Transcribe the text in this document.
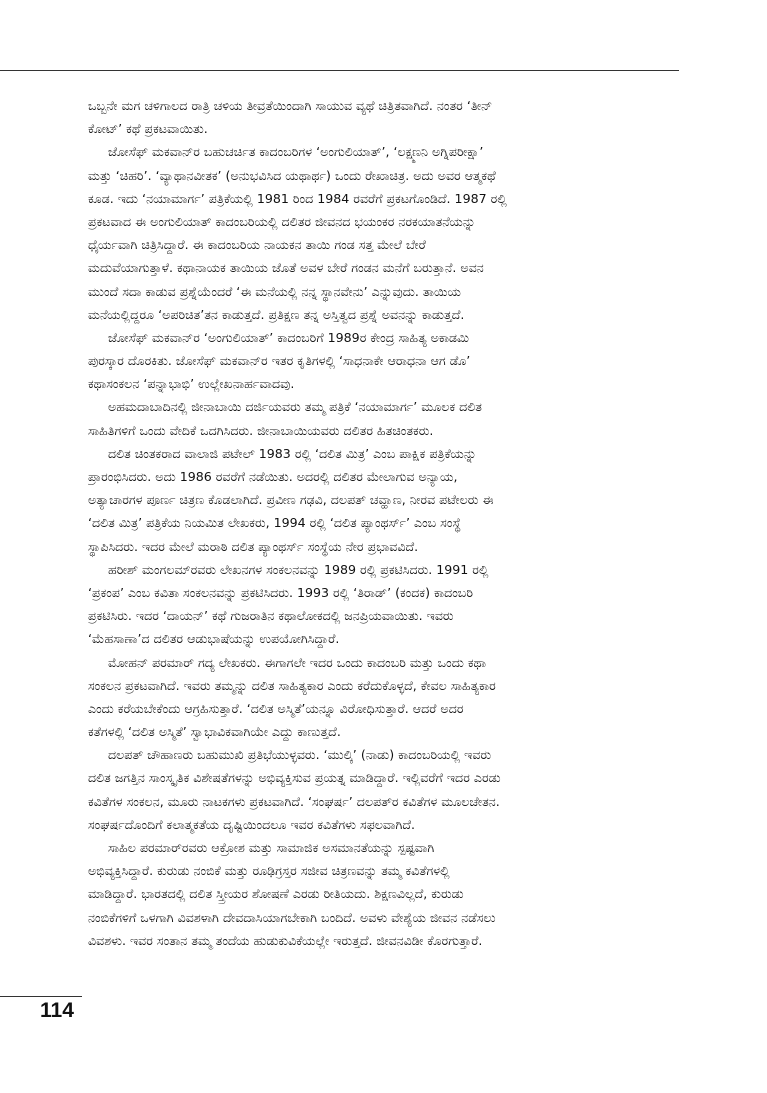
ಒಬ್ಬನೇ ಮಗ ಚಳಿಗಾಲದ ರಾತ್ರಿ ಚಳಿಯ ತೀವ್ರತೆಯಿಂದಾಗಿ ಸಾಯುವ ವ್ಯಥೆ ಚಿತ್ರಿತವಾಗಿದೆ. ನಂತರ ‘ತೀನ್
ಕೋಟ್’ ಕಥೆ ಪ್ರಕಟವಾಯಿತು.
ಜೋಸೆಫ್ ಮಕವಾನ್‌ರ ಬಹುಚರ್ಚಿತ ಕಾದಂಬರಿಗಳ ‘ಅಂಗುಲಿಯಾತ್’, ‘ಲಕ್ಷ್ಮಣನಿ ಅಗ್ನಿಪರೀಕ್ಷಾ’
ಮತ್ತು ‘ಚಿಹರಿ’. ‘ವ್ಯಾಥಾನವೀತಕ’ (ಅನುಭವಿಸಿದ ಯಥಾರ್ಥ) ಒಂದು ರೇಖಾಚಿತ್ರ. ಅದು ಅವರ ಆತ್ಮಕಥೆ
ಕೂಡ. ಇದು ‘ನಯಾಮಾರ್ಗ’ ಪತ್ರಿಕೆಯಲ್ಲಿ 1981 ರಿಂದ 1984 ರವರೆಗೆ ಪ್ರಕಟಗೊಂಡಿದೆ. 1987 ರಲ್ಲಿ
ಪ್ರಕಟವಾದ ಈ ಅಂಗುಲಿಯಾತ್ ಕಾದಂಬರಿಯಲ್ಲಿ ದಲಿತರ ಜೀವನದ ಭಯಂಕರ ನರಕಯಾತನೆಯನ್ನು
ಧೈರ್ಯವಾಗಿ ಚಿತ್ರಿಸಿದ್ದಾರೆ. ಈ ಕಾದಂಬರಿಯ ನಾಯಕನ ತಾಯಿ ಗಂಡ ಸತ್ತ ಮೇಲೆ ಬೇರೆ
ಮದುವೆಯಾಗುತ್ತಾಳೆ. ಕಥಾನಾಯಕ ತಾಯಿಯ ಜೊತೆ ಅವಳ ಬೇರೆ ಗಂಡನ ಮನೆಗೆ ಬರುತ್ತಾನೆ. ಅವನ
ಮುಂದೆ ಸದಾ ಕಾಡುವ ಪ್ರಶ್ನೆಯೆಂದರೆ ‘ಈ ಮನೆಯಲ್ಲಿ ನನ್ನ ಸ್ಥಾನವೇನು’ ಎನ್ನುವುದು. ತಾಯಿಯ
ಮನೆಯಲ್ಲಿದ್ದರೂ ‘ಅಪರಿಚಿತ’ತನ ಕಾಡುತ್ತದೆ. ಪ್ರತಿಕ್ಷಣ ತನ್ನ ಅಸ್ತಿತ್ವದ ಪ್ರಶ್ನೆ ಅವನನ್ನು ಕಾಡುತ್ತದೆ.
ಜೋಸೆಫ್ ಮಕವಾನ್‌ರ ‘ಅಂಗುಲಿಯಾತ್’ ಕಾದಂಬರಿಗೆ 1989ರ ಕೇಂದ್ರ ಸಾಹಿತ್ಯ ಅಕಾಡಮಿ
ಪುರಸ್ಕಾರ ದೊರಕಿತು. ಜೋಸೆಫ್ ಮಕವಾನ್‌ರ ಇತರ ಕೃತಿಗಳಲ್ಲಿ ‘ಸಾಧನಾಕೇ ಆರಾಧನಾ ಆಗ ಡೊ’
ಕಥಾಸಂಕಲನ ‘ಪನ್ನಾಭಾಭಿ’ ಉಲ್ಲೇಖನಾರ್ಹವಾದವು.
ಅಹಮದಾಬಾದಿನಲ್ಲಿ ಜೀನಾಬಾಯಿ ದರ್ಜಿಯವರು ತಮ್ಮ ಪತ್ರಿಕೆ ‘ನಯಾಮಾರ್ಗ’ ಮೂಲಕ ದಲಿತ
ಸಾಹಿತಿಗಳಿಗೆ ಒಂದು ವೇದಿಕೆ ಒದಗಿಸಿದರು. ಜೀನಾಬಾಯಿಯವರು ದಲಿತರ ಹಿತಚಿಂತಕರು.
ದಲಿತ ಚಿಂತಕರಾದ ವಾಲಾಜಿ ಪಟೇಲ್ 1983 ರಲ್ಲಿ ‘ದಲಿತ ಮಿತ್ರ’ ಎಂಬ ಪಾಕ್ಷಿಕ ಪತ್ರಿಕೆಯನ್ನು
ಪ್ರಾರಂಭಿಸಿದರು. ಅದು 1986 ರವರೆಗೆ ನಡೆಯಿತು. ಅದರಲ್ಲಿ ದಲಿತರ ಮೇಲಾಗುವ ಅನ್ಯಾಯ,
ಅತ್ಯಾಚಾರಗಳ ಪೂರ್ಣ ಚಿತ್ರಣ ಕೊಡಲಾಗಿದೆ. ಪ್ರವೀಣ ಗಢವಿ, ದಲಪತ್ ಚವ್ಹಾಣ, ನೀರವ ಪಟೇಲರು ಈ
‘ದಲಿತ ಮಿತ್ರ’ ಪತ್ರಿಕೆಯ ನಿಯಮಿತ ಲೇಖಕರು, 1994 ರಲ್ಲಿ ‘ದಲಿತ ಪ್ಯಾಂಥರ್ಸ್’ ಎಂಬ ಸಂಸ್ಥೆ
ಸ್ಥಾಪಿಸಿದರು. ಇದರ ಮೇಲೆ ಮರಾಠಿ ದಲಿತ ಪ್ಯಾಂಥರ್ಸ್ ಸಂಸ್ಥೆಯ ನೇರ ಪ್ರಭಾವವಿದೆ.
ಹರೀಶ್ ಮಂಗಲಮ್‌ರವರು ಲೇಖನಗಳ ಸಂಕಲನವನ್ನು 1989 ರಲ್ಲಿ ಪ್ರಕಟಿಸಿದರು. 1991 ರಲ್ಲಿ
‘ಪ್ರಕಂಪ’ ಎಂಬ ಕವಿತಾ ಸಂಕಲನವನ್ನು ಪ್ರಕಟಿಸಿದರು. 1993 ರಲ್ಲಿ ‘ತಿರಾಡ್’ (ಕಂದಕ) ಕಾದಂಬರಿ
ಪ್ರಕಟಿಸಿರು. ಇದರ ‘ದಾಯನ್’ ಕಥೆ ಗುಜರಾತಿನ ಕಥಾಲೋಕದಲ್ಲಿ ಜನಪ್ರಿಯವಾಯಿತು. ಇವರು
‘ಮೆಹಸಾಣಾ’ದ ದಲಿತರ ಆಡುಭಾಷೆಯನ್ನು ಉಪಯೋಗಿಸಿದ್ದಾರೆ.
ಮೋಹನ್ ಪರಮಾರ್ ಗದ್ಯ ಲೇಖಕರು. ಈಗಾಗಲೇ ಇದರ ಒಂದು ಕಾದಂಬರಿ ಮತ್ತು ಒಂದು ಕಥಾ
ಸಂಕಲನ ಪ್ರಕಟವಾಗಿದೆ. ಇವರು ತಮ್ಮನ್ನು ದಲಿತ ಸಾಹಿತ್ಯಕಾರ ಎಂದು ಕರೆದುಕೊಳ್ಳದೆ, ಕೇವಲ ಸಾಹಿತ್ಯಕಾರ
ಎಂದು ಕರೆಯಬೇಕೆಂದು ಆಗ್ರಹಿಸುತ್ತಾರೆ. ‘ದಲಿತ ಅಸ್ಮಿತೆ’ಯನ್ನೂ ವಿರೋಧಿಸುತ್ತಾರೆ. ಆದರೆ ಅದರ
ಕತೆಗಳಲ್ಲಿ ‘ದಲಿತ ಅಸ್ಮಿತೆ’ ಸ್ವಾಭಾವಿಕವಾಗಿಯೇ ಎದ್ದು ಕಾಣುತ್ತದೆ.
ದಲಪತ್ ಚೌಹಾಣರು ಬಹುಮುಖಿ ಪ್ರತಿಭೆಯುಳ್ಳವರು. ‘ಮುಲ್ಕಿ’ (ನಾಡು) ಕಾದಂಬರಿಯಲ್ಲಿ ಇವರು
ದಲಿತ ಜಗತ್ತಿನ ಸಾಂಸ್ಕೃತಿಕ ವಿಶೇಷತೆಗಳನ್ನು ಅಭಿವ್ಯಕ್ತಿಸುವ ಪ್ರಯತ್ನ ಮಾಡಿದ್ದಾರೆ. ಇಲ್ಲಿವರೆಗೆ ಇದರ ಎರಡು
ಕವಿತೆಗಳ ಸಂಕಲನ, ಮೂರು ನಾಟಕಗಳು ಪ್ರಕಟವಾಗಿದೆ. ‘ಸಂಘರ್ಷ’ ದಲಪತ್‌ರ ಕವಿತೆಗಳ ಮೂಲಚೇತನ.
ಸಂಘರ್ಷದೊಂದಿಗೆ ಕಲಾತ್ಮಕತೆಯ ದೃಷ್ಟಿಯಿಂದಲೂ ಇವರ ಕವಿತೆಗಳು ಸಫಲವಾಗಿದೆ.
ಸಾಹಿಲ ಪರಮಾರ್‌ರವರು ಆಕ್ರೋಶ ಮತ್ತು ಸಾಮಾಜಿಕ ಅಸಮಾನತೆಯನ್ನು ಸ್ಪಷ್ಟವಾಗಿ
ಅಭಿವ್ಯಕ್ತಿಸಿದ್ದಾರೆ. ಕುರುಡು ನಂಬಿಕೆ ಮತ್ತು ರೂಢಿಗ್ರಸ್ತರ ಸಜೀವ ಚಿತ್ರಣವನ್ನು ತಮ್ಮ ಕವಿತೆಗಳಲ್ಲಿ
ಮಾಡಿದ್ದಾರೆ. ಭಾರತದಲ್ಲಿ ದಲಿತ ಸ್ತ್ರೀಯರ ಶೋಷಣೆ ಎರಡು ರೀತಿಯದು. ಶಿಕ್ಷಣವಿಲ್ಲದೆ, ಕುರುಡು
ನಂಬಿಕೆಗಳಿಗೆ ಒಳಗಾಗಿ ವಿವಶಳಾಗಿ ದೇವದಾಸಿಯಾಗಬೇಕಾಗಿ ಬಂದಿದೆ. ಅವಳು ವೇಶ್ಯೆಯ ಜೀವನ ನಡೆಸಲು
ವಿವಶಳು. ಇವರ ಸಂತಾನ ತಮ್ಮ ತಂದೆಯ ಹುಡುಕುವಿಕೆಯಲ್ಲೇ ಇರುತ್ತದೆ. ಜೀವನವಿಡೀ ಕೊರಗುತ್ತಾರೆ.
114
